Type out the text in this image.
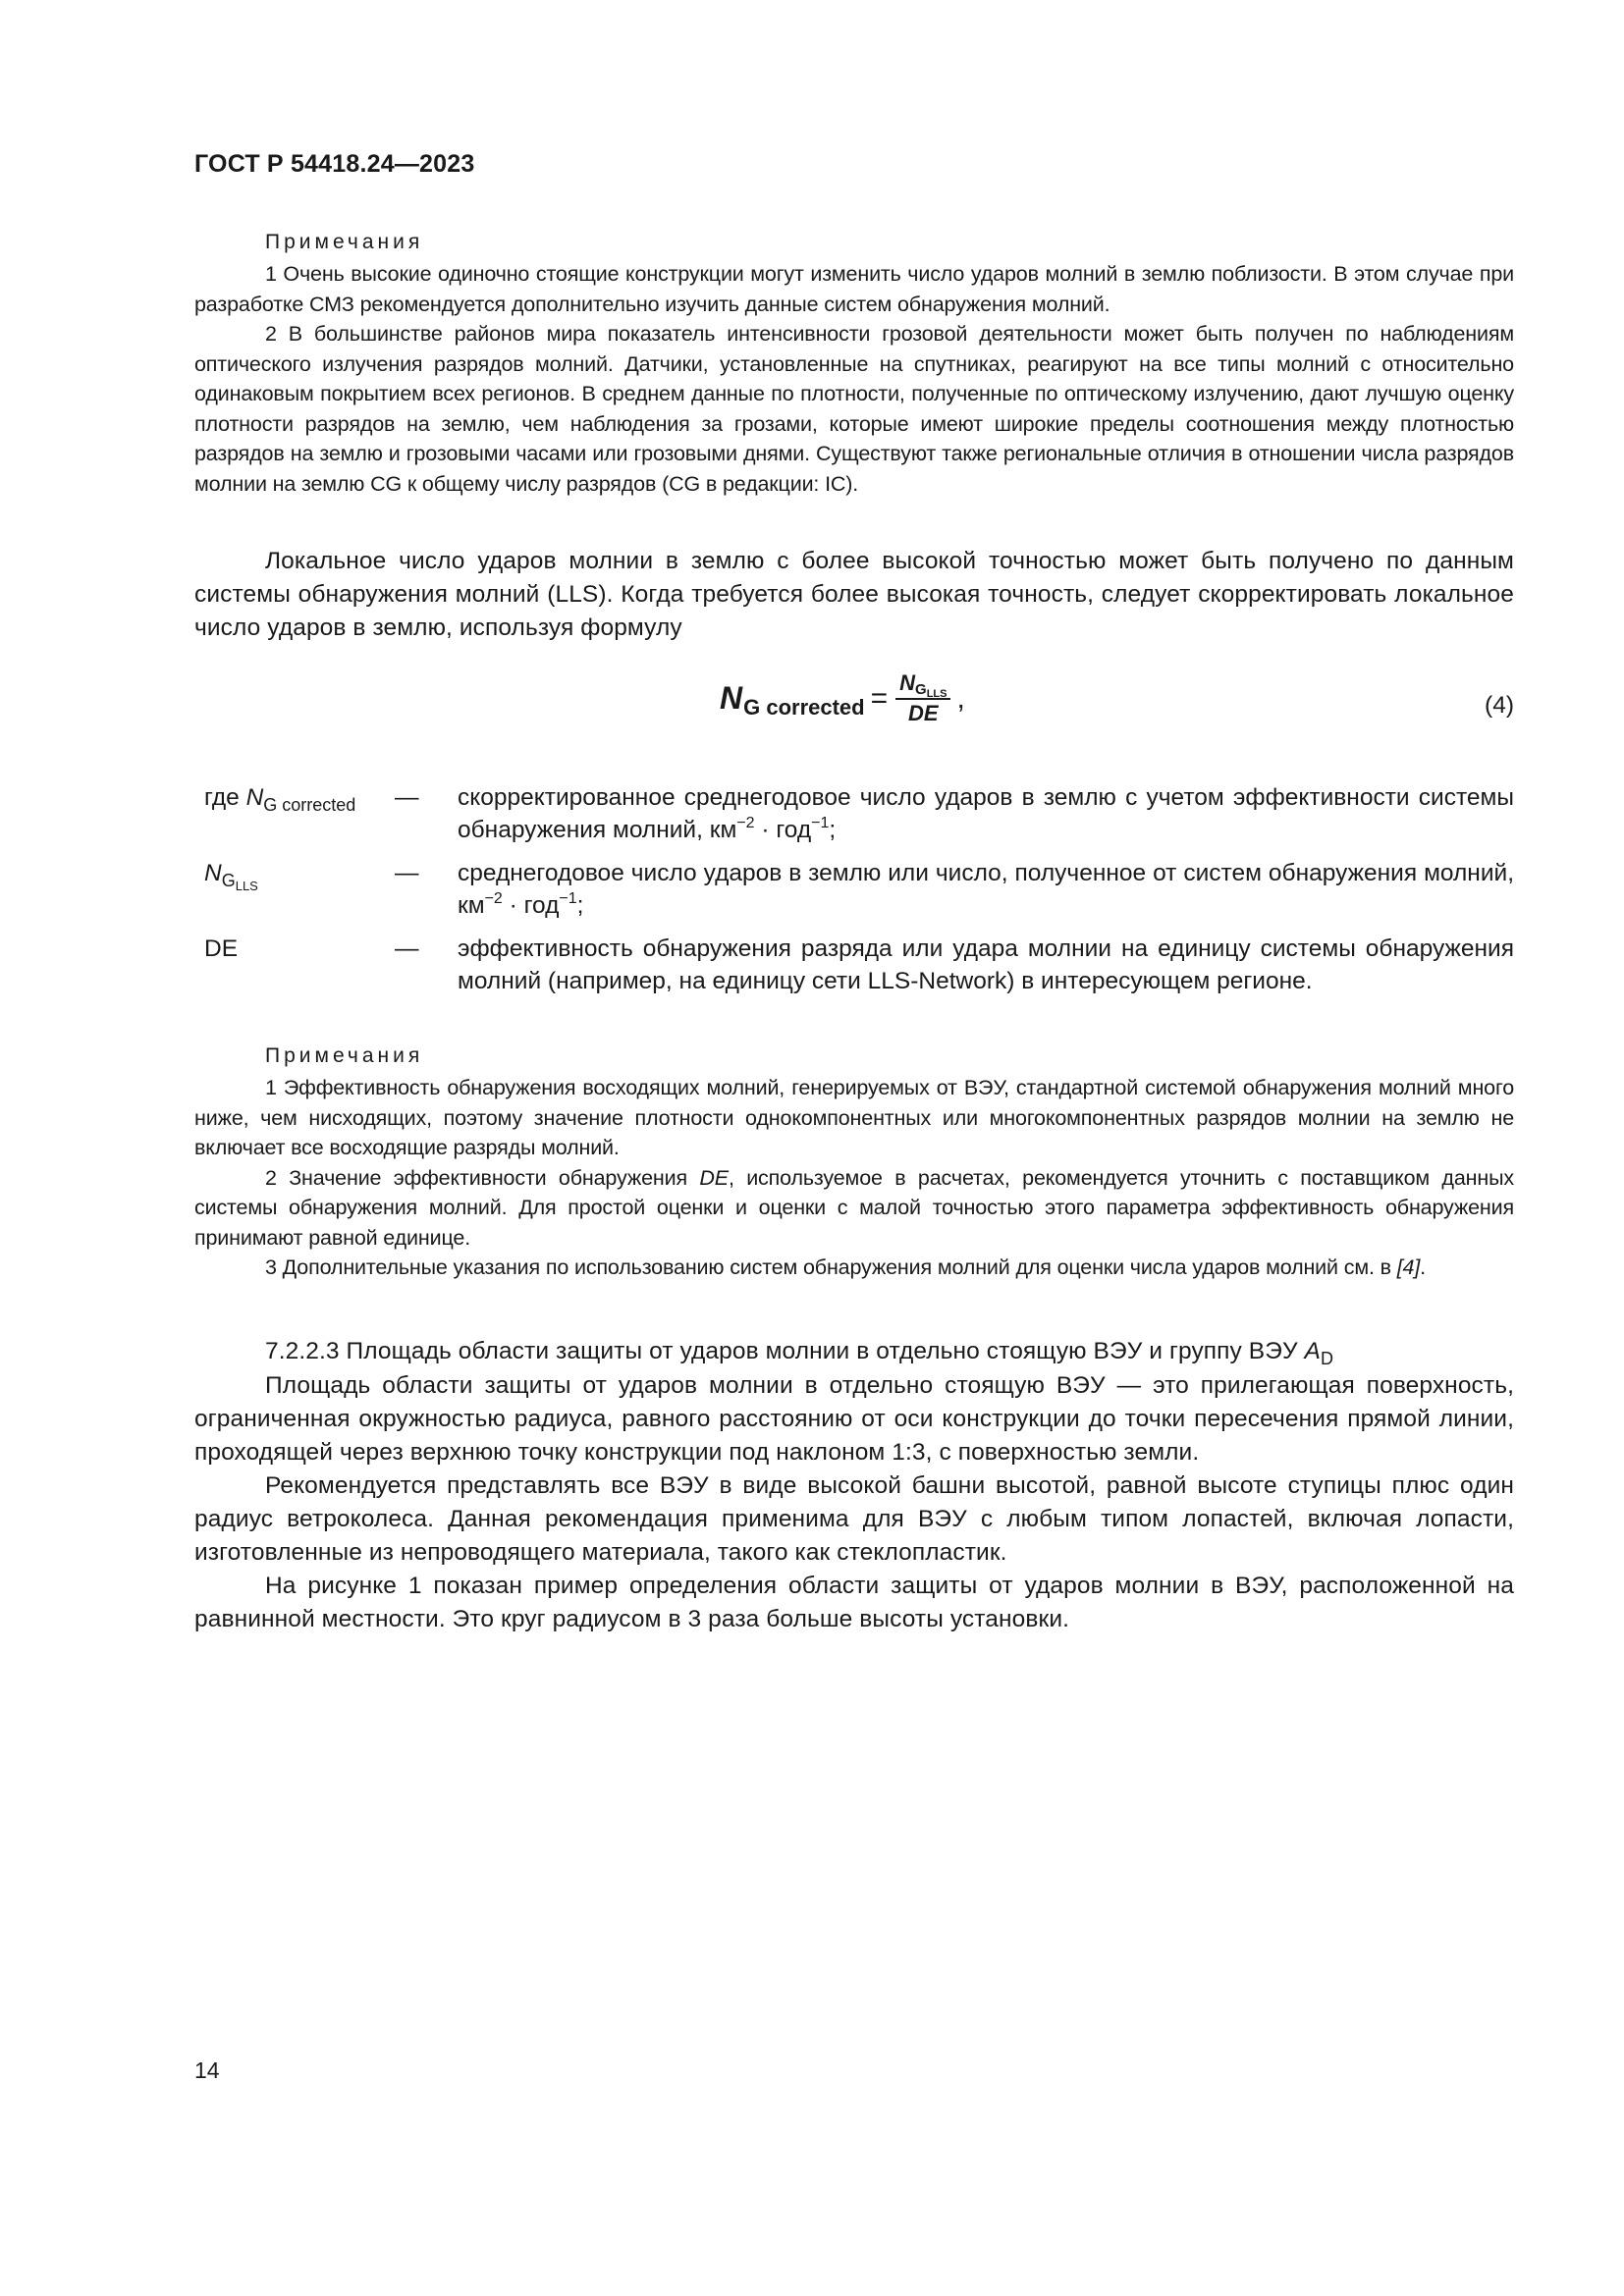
ГОСТ Р 54418.24—2023
Примечания

1 Очень высокие одиночно стоящие конструкции могут изменить число ударов молний в землю поблизости. В этом случае при разработке СМЗ рекомендуется дополнительно изучить данные систем обнаружения молний.

2 В большинстве районов мира показатель интенсивности грозовой деятельности может быть получен по наблюдениям оптического излучения разрядов молний. Датчики, установленные на спутниках, реагируют на все типы молний с относительно одинаковым покрытием всех регионов. В среднем данные по плотности, полученные по оптическому излучению, дают лучшую оценку плотности разрядов на землю, чем наблюдения за грозами, которые имеют широкие пределы соотношения между плотностью разрядов на землю и грозовыми часами или грозовыми днями. Существуют также региональные отличия в отношении числа разрядов молнии на землю CG к общему числу разрядов (CG в редакции: IC).

Локальное число ударов молнии в землю с более высокой точностью может быть получено по данным системы обнаружения молний (LLS). Когда требуется более высокая точность, следует скорректировать локальное число ударов в землю, используя формулу

N G corrected = $\frac{NG_{LLS}}{DE}$ ,	(4)
где $N_{G corrected}$	—	скорректированное среднегодовое число ударов в землю с учетом эффективности системы обнаружения молний, $км^{-2} \cdot год^{-1}$;
$N_{GLLS}$	—	среднегодовое число ударов в землю или число, полученное от систем обнаружения молний, $км^{-2} \cdot год^{-1}$;
DE	—	эффективность обнаружения разряда или удара молнии на единицу системы обнаружения молний (например, на единицу сети LLS-Network) в интересующем регионе.
Примечания

1 Эффективность обнаружения восходящих молний, генерируемых от ВЭУ, стандартной системой обнаружения молний много ниже, чем нисходящих, поэтому значение плотности однокомпонентных или многокомпонентных разрядов молнии на землю не включает все восходящие разряды молний.

2 Значение эффективности обнаружения DE, используемое в расчетах, рекомендуется уточнить с поставщиком данных системы обнаружения молний. Для простой оценки и оценки с малой точностью этого параметра эффективность обнаружения принимают равной единице.

3 Дополнительные указания по использованию систем обнаружения молний для оценки числа ударов молний см. в [4].

7.2.2.3 Площадь области защиты от ударов молнии в отдельно стоящую ВЭУ и группу ВЭУ $A_D$

Площадь области защиты от ударов молнии в отдельно стоящую ВЭУ — это прилегающая поверхность, ограниченная окружностью радиуса, равного расстоянию от оси конструкции до точки пересечения прямой линии, проходящей через верхнюю точку конструкции под наклоном 1:3, с поверхностью земли.

Рекомендуется представлять все ВЭУ в виде высокой башни высотой, равной высоте ступицы плюс один радиус ветроколеса. Данная рекомендация применима для ВЭУ с любым типом лопастей, включая лопасти, изготовленные из непроводящего материала, такого как стеклопластик.

На рисунке 1 показан пример определения области защиты от ударов молнии в ВЭУ, расположенной на равнинной местности. Это круг радиусом в 3 раза больше высоты установки.

14
